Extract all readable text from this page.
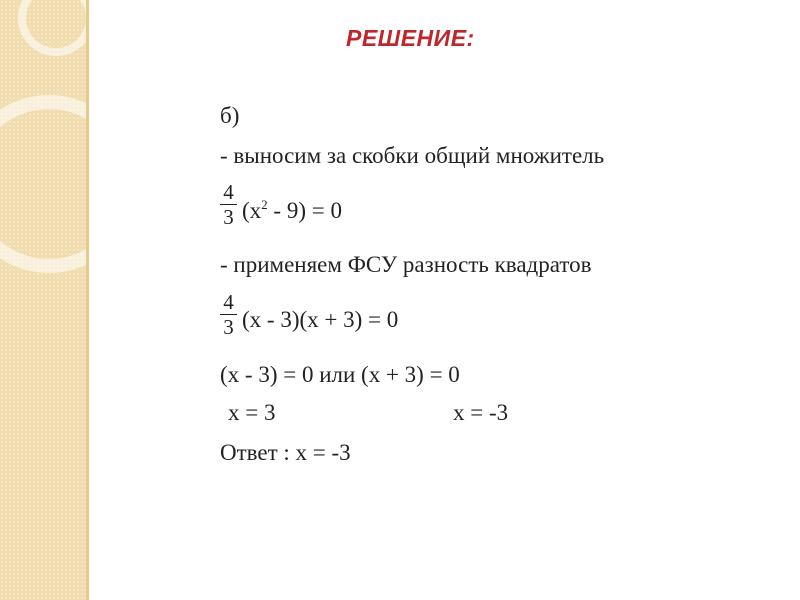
РЕШЕНИЕ:
б)
- выносим за скобки общий множитель
4
3 $(x^2 - 9) = 0$
- применяем ФСУ разность квадратов
4
3 (x - 3)(x + 3) = 0
(x - 3) = 0 или (x + 3) = 0
x = 3	x = -3
Ответ : x = -3
